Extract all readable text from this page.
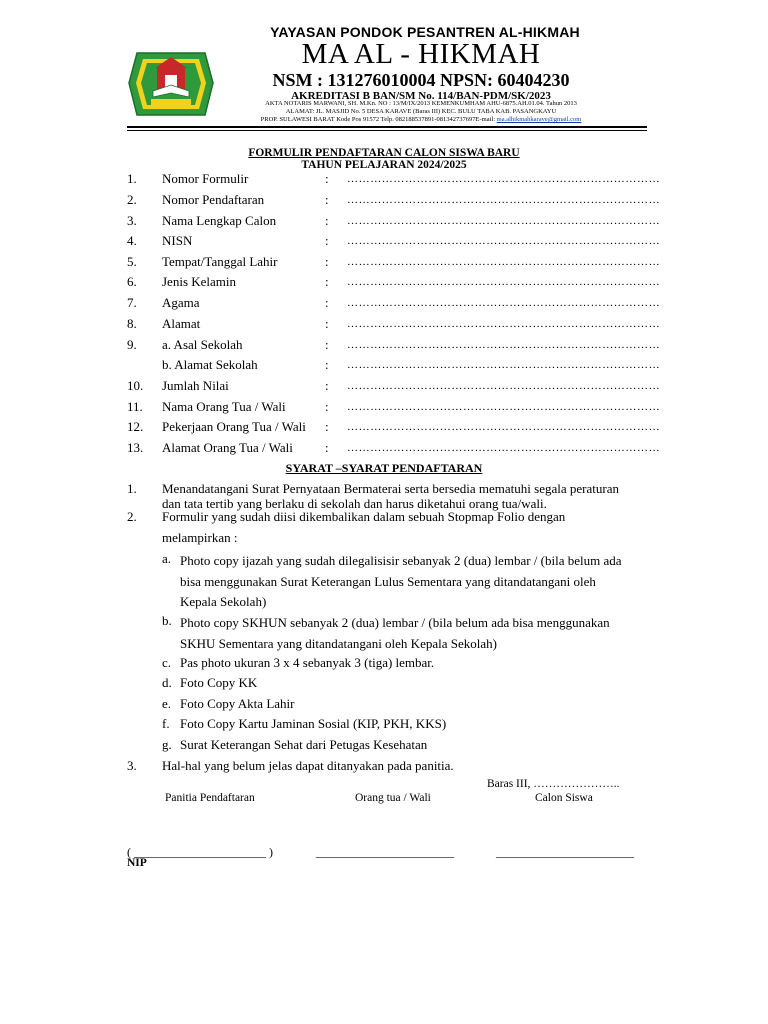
YAYASAN PONDOK PESANTREN AL-HIKMAH
MA AL - HIKMAH
NSM : 131276010004 NPSN: 60404230
AKREDITASI B BAN/SM No. 114/BAN-PDM/SK/2023
AKTA NOTARIS MARWANI, SH. M.Kn. NO : 13/M/IX/2013 KEMENKUMHAM AHU-6875.AH.01.04. Tahun 2013
ALAMAT: JL. MASJID No. 5 DESA KARAVE (Baras III) KEC. BULU TABA KAB. PASANGKAYU
PROP. SULAWESI BARAT Kode Pos 91572 Telp. 082188537891-081342737697E-mail: ma.alhikmahkarave@gmail.com
FORMULIR PENDAFTARAN CALON SISWA BARU
TAHUN PELAJARAN 2024/2025
1. Nomor Formulir	: ………………………………………………………………………
2. Nomor Pendaftaran	: ………………………………………………………………………
3. Nama Lengkap Calon	: ………………………………………………………………………
4. NISN	: ………………………………………………………………………
5. Tempat/Tanggal Lahir	: ………………………………………………………………………
6. Jenis Kelamin	: ………………………………………………………………………
7. Agama	: ………………………………………………………………………
8. Alamat	: ………………………………………………………………………
9. a. Asal Sekolah	: ………………………………………………………………………
b. Alamat Sekolah	: ………………………………………………………………………
10. Jumlah Nilai	: ………………………………………………………………………
11. Nama Orang Tua / Wali	: ………………………………………………………………………
12. Pekerjaan Orang Tua / Wali : ………………………………………………………………………
13. Alamat Orang Tua / Wali : ………………………………………………………………………
SYARAT –SYARAT PENDAFTARAN
1. Menandatangani Surat Pernyataan Bermaterai serta bersedia mematuhi segala peraturan
dan tata tertib yang berlaku di sekolah dan harus diketahui orang tua/wali.
2. Formulir yang sudah diisi dikembalikan dalam sebuah Stopmap Folio dengan
melampirkan :
a. Photo copy ijazah yang sudah dilegalisisir sebanyak 2 (dua) lembar / (bila belum ada
bisa menggunakan Surat Keterangan Lulus Sementara yang ditandatangani oleh
Kepala Sekolah)
b. Photo copy SKHUN sebanyak 2 (dua) lembar / (bila belum ada bisa menggunakan
SKHU Sementara yang ditandatangani oleh Kepala Sekolah)
c. Pas photo ukuran 3 x 4 sebanyak 3 (tiga) lembar.
d. Foto Copy KK
e. Foto Copy Akta Lahir
f. Foto Copy Kartu Jaminan Sosial (KIP, PKH, KKS)
g. Surat Keterangan Sehat dari Petugas Kesehatan
3. Hal-hal yang belum jelas dapat ditanyakan pada panitia.
Baras III, …………………..
Panitia Pendaftaran	Orang tua / Wali	Calon Siswa
( ______________________ )	_______________________	_______________________
NIP
